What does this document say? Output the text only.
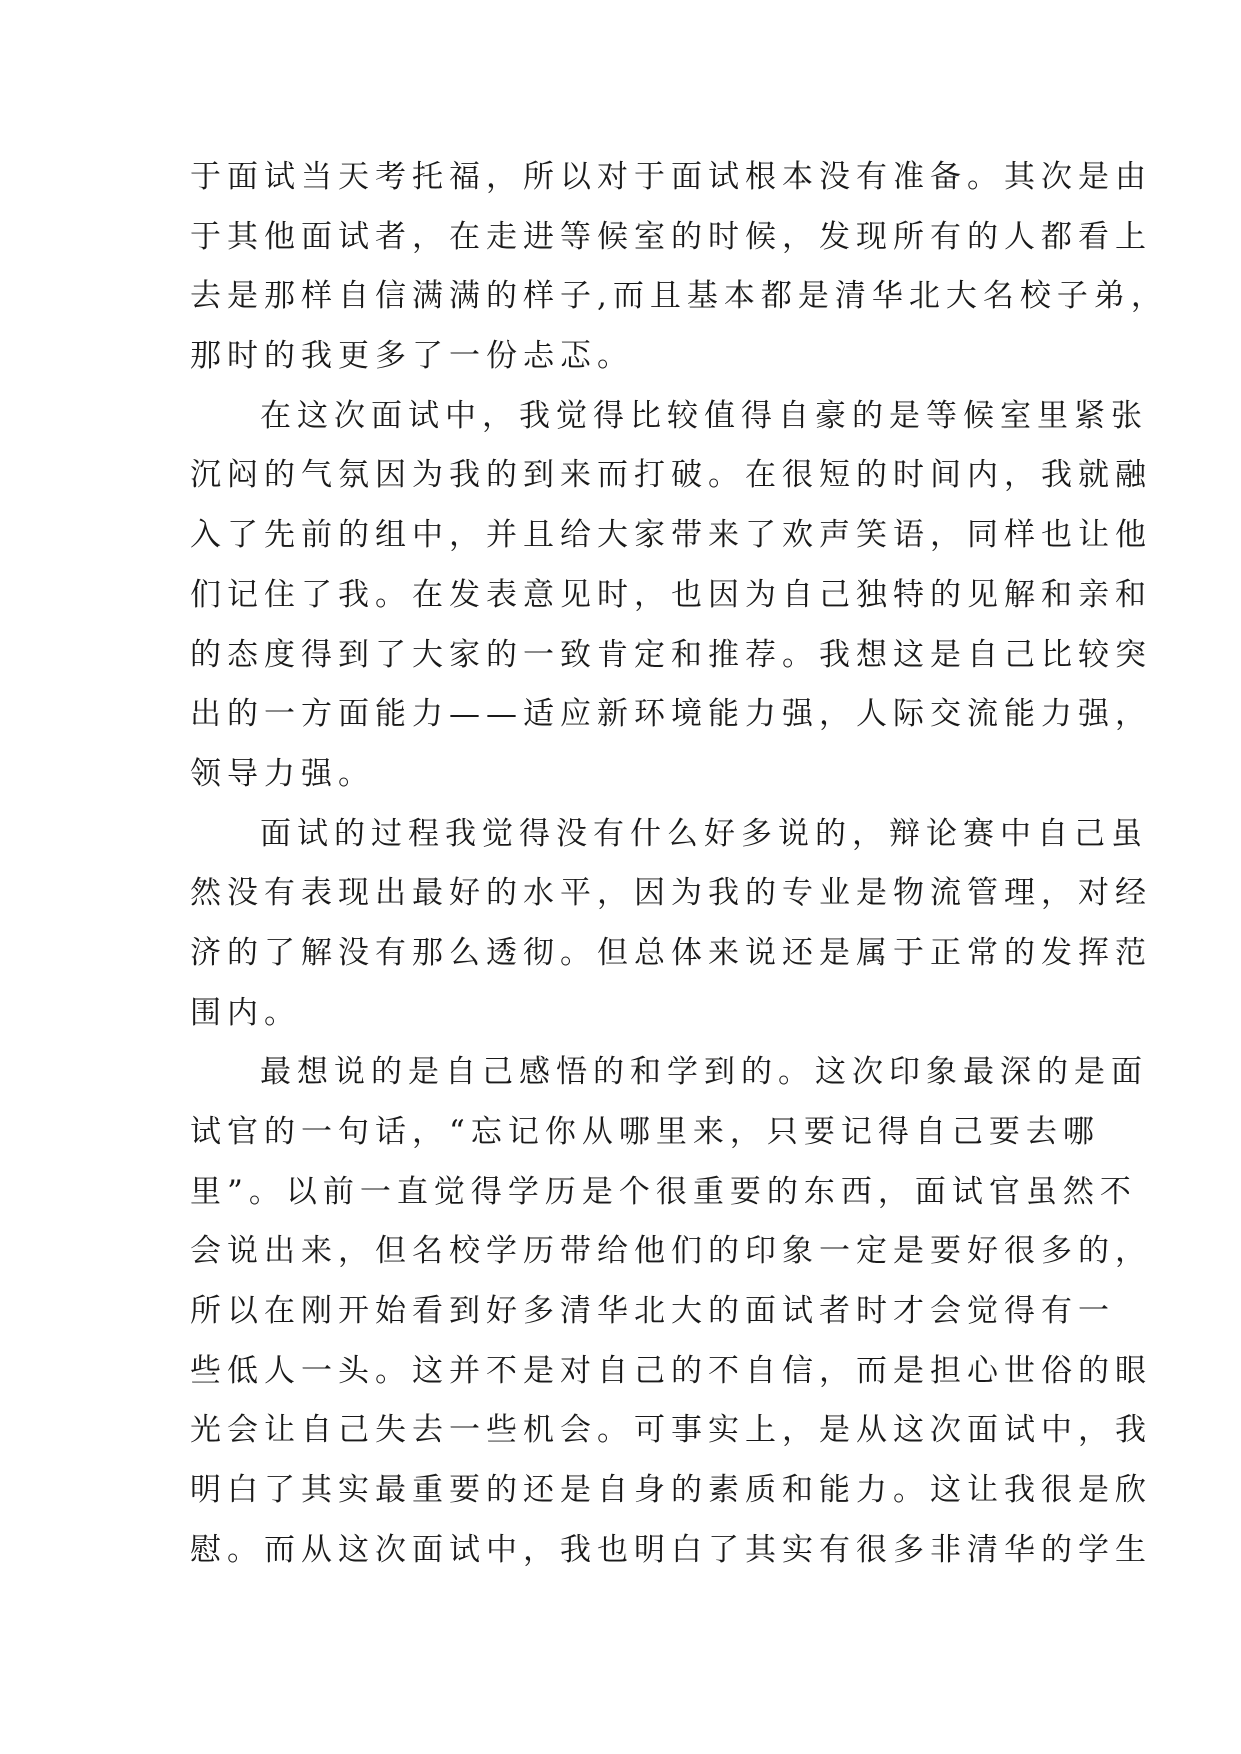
于面试当天考托福，所以对于面试根本没有准备。其次是由
于其他面试者，在走进等候室的时候，发现所有的人都看上
去是那样自信满满的样子,而且基本都是清华北大名校子弟，
那时的我更多了一份忐忑。
在这次面试中，我觉得比较值得自豪的是等候室里紧张
沉闷的气氛因为我的到来而打破。在很短的时间内，我就融
入了先前的组中，并且给大家带来了欢声笑语，同样也让他
们记住了我。在发表意见时，也因为自己独特的见解和亲和
的态度得到了大家的一致肯定和推荐。我想这是自己比较突
出的一方面能力——适应新环境能力强，人际交流能力强，
领导力强。
面试的过程我觉得没有什么好多说的，辩论赛中自己虽
然没有表现出最好的水平，因为我的专业是物流管理，对经
济的了解没有那么透彻。但总体来说还是属于正常的发挥范
围内。
最想说的是自己感悟的和学到的。这次印象最深的是面
试官的一句话，“忘记你从哪里来，只要记得自己要去哪
里”。以前一直觉得学历是个很重要的东西，面试官虽然不
会说出来，但名校学历带给他们的印象一定是要好很多的，
所以在刚开始看到好多清华北大的面试者时才会觉得有一
些低人一头。这并不是对自己的不自信，而是担心世俗的眼
光会让自己失去一些机会。可事实上，是从这次面试中，我
明白了其实最重要的还是自身的素质和能力。这让我很是欣
慰。而从这次面试中，我也明白了其实有很多非清华的学生
